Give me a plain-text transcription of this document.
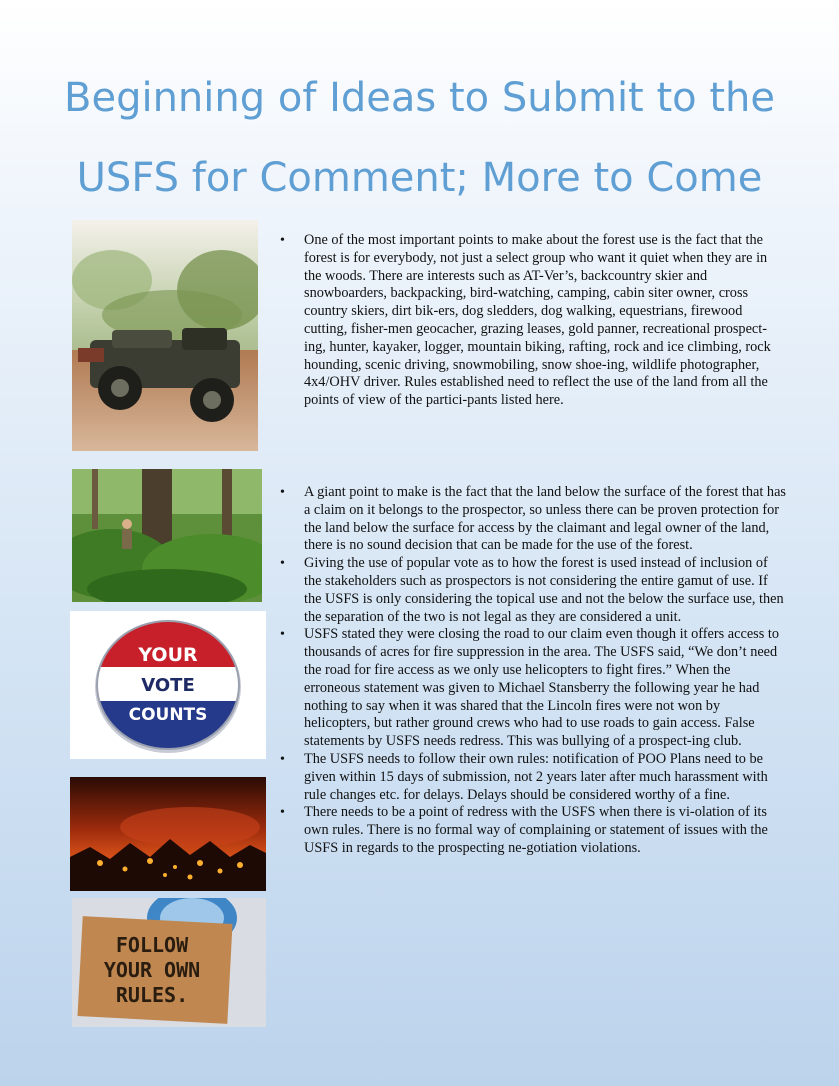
Beginning of Ideas to Submit to the
USFS for Comment; More to Come
YOUR
VOTE
COUNTS
FOLLOW
YOUR OWN
RULES.
• One of the most important points to make about the forest use is the fact that the forest is for everybody, not just a select group who want it quiet when they are in the woods. There are interests such as AT-Ver’s, backcountry skier and snowboarders, backpacking, bird-watching, camping, cabin siter owner, cross country skiers, dirt bik-ers, dog sledders, dog walking, equestrians, firewood cutting, fisher-men geocacher, grazing leases, gold panner, recreational prospect-ing, hunter, kayaker, logger, mountain biking, rafting, rock and ice climbing, rock hounding, scenic driving, snowmobiling, snow shoe-ing, wildlife photographer, 4x4/OHV driver. Rules established need to reflect the use of the land from all the points of view of the partici-pants listed here.
• A giant point to make is the fact that the land below the surface of the forest that has a claim on it belongs to the prospector, so unless there can be proven protection for the land below the surface for access by the claimant and legal owner of the land, there is no sound decision that can be made for the use of the forest.
• Giving the use of popular vote as to how the forest is used instead of inclusion of the stakeholders such as prospectors is not considering the entire gamut of use. If the USFS is only considering the topical use and not the below the surface use, then the separation of the two is not legal as they are considered a unit.
• USFS stated they were closing the road to our claim even though it offers access to thousands of acres for fire suppression in the area. The USFS said, “We don’t need the road for fire access as we only use helicopters to fight fires.” When the erroneous statement was given to Michael Stansberry the following year he had nothing to say when it was shared that the Lincoln fires were not won by helicopters, but rather ground crews who had to use roads to gain access. False statements by USFS needs redress. This was bullying of a prospect-ing club.
• The USFS needs to follow their own rules: notification of POO Plans need to be given within 15 days of submission, not 2 years later after much harassment with rule changes etc. for delays. Delays should be considered worthy of a fine.
• There needs to be a point of redress with the USFS when there is vi-olation of its own rules. There is no formal way of complaining or statement of issues with the USFS in regards to the prospecting ne-gotiation violations.
